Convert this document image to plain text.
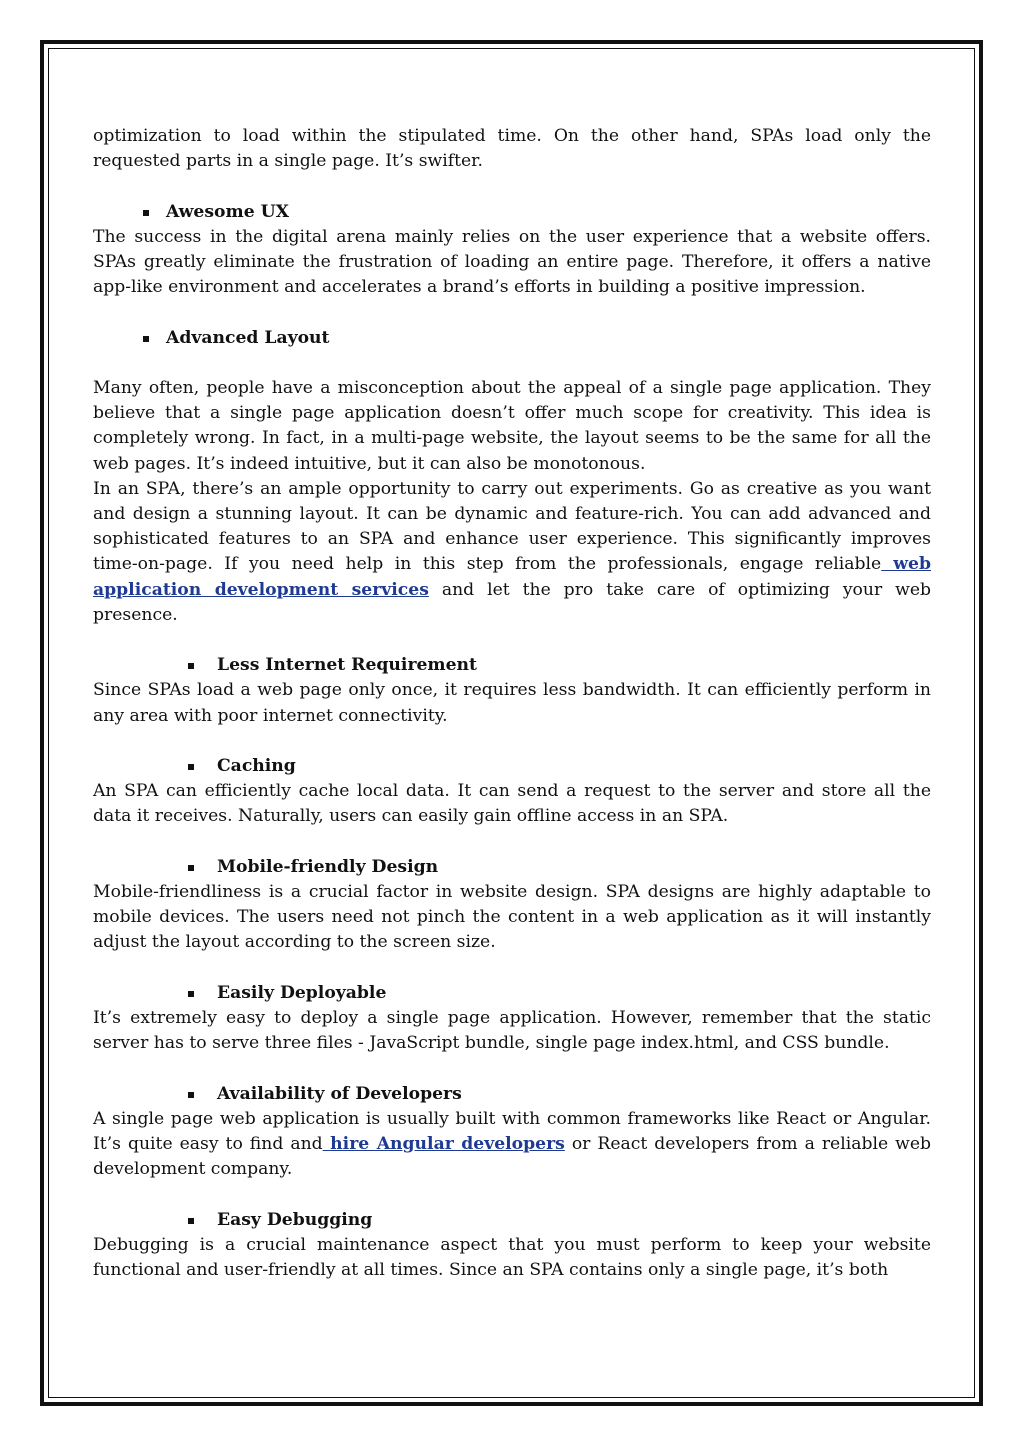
optimization to load within the stipulated time. On the other hand, SPAs load only the requested parts in a single page. It’s swifter.

Awesome UX

The success in the digital arena mainly relies on the user experience that a website offers. SPAs greatly eliminate the frustration of loading an entire page. Therefore, it offers a native app-like environment and accelerates a brand’s efforts in building a positive impression.

Advanced Layout

Many often, people have a misconception about the appeal of a single page application. They believe that a single page application doesn’t offer much scope for creativity. This idea is completely wrong. In fact, in a multi-page website, the layout seems to be the same for all the web pages. It’s indeed intuitive, but it can also be monotonous.

In an SPA, there’s an ample opportunity to carry out experiments. Go as creative as you want and design a stunning layout. It can be dynamic and feature-rich. You can add advanced and sophisticated features to an SPA and enhance user experience. This significantly improves time-on-page. If you need help in this step from the professionals, engage reliable web application development services and let the pro take care of optimizing your web presence.

Less Internet Requirement

Since SPAs load a web page only once, it requires less bandwidth. It can efficiently perform in any area with poor internet connectivity.

Caching

An SPA can efficiently cache local data. It can send a request to the server and store all the data it receives. Naturally, users can easily gain offline access in an SPA.

Mobile-friendly Design

Mobile-friendliness is a crucial factor in website design. SPA designs are highly adaptable to mobile devices. The users need not pinch the content in a web application as it will instantly adjust the layout according to the screen size.

Easily Deployable

It’s extremely easy to deploy a single page application. However, remember that the static server has to serve three files - JavaScript bundle, single page index.html, and CSS bundle.

Availability of Developers

A single page web application is usually built with common frameworks like React or Angular. It’s quite easy to find and hire Angular developers or React developers from a reliable web development company.

Easy Debugging

Debugging is a crucial maintenance aspect that you must perform to keep your website functional and user-friendly at all times. Since an SPA contains only a single page, it’s both
